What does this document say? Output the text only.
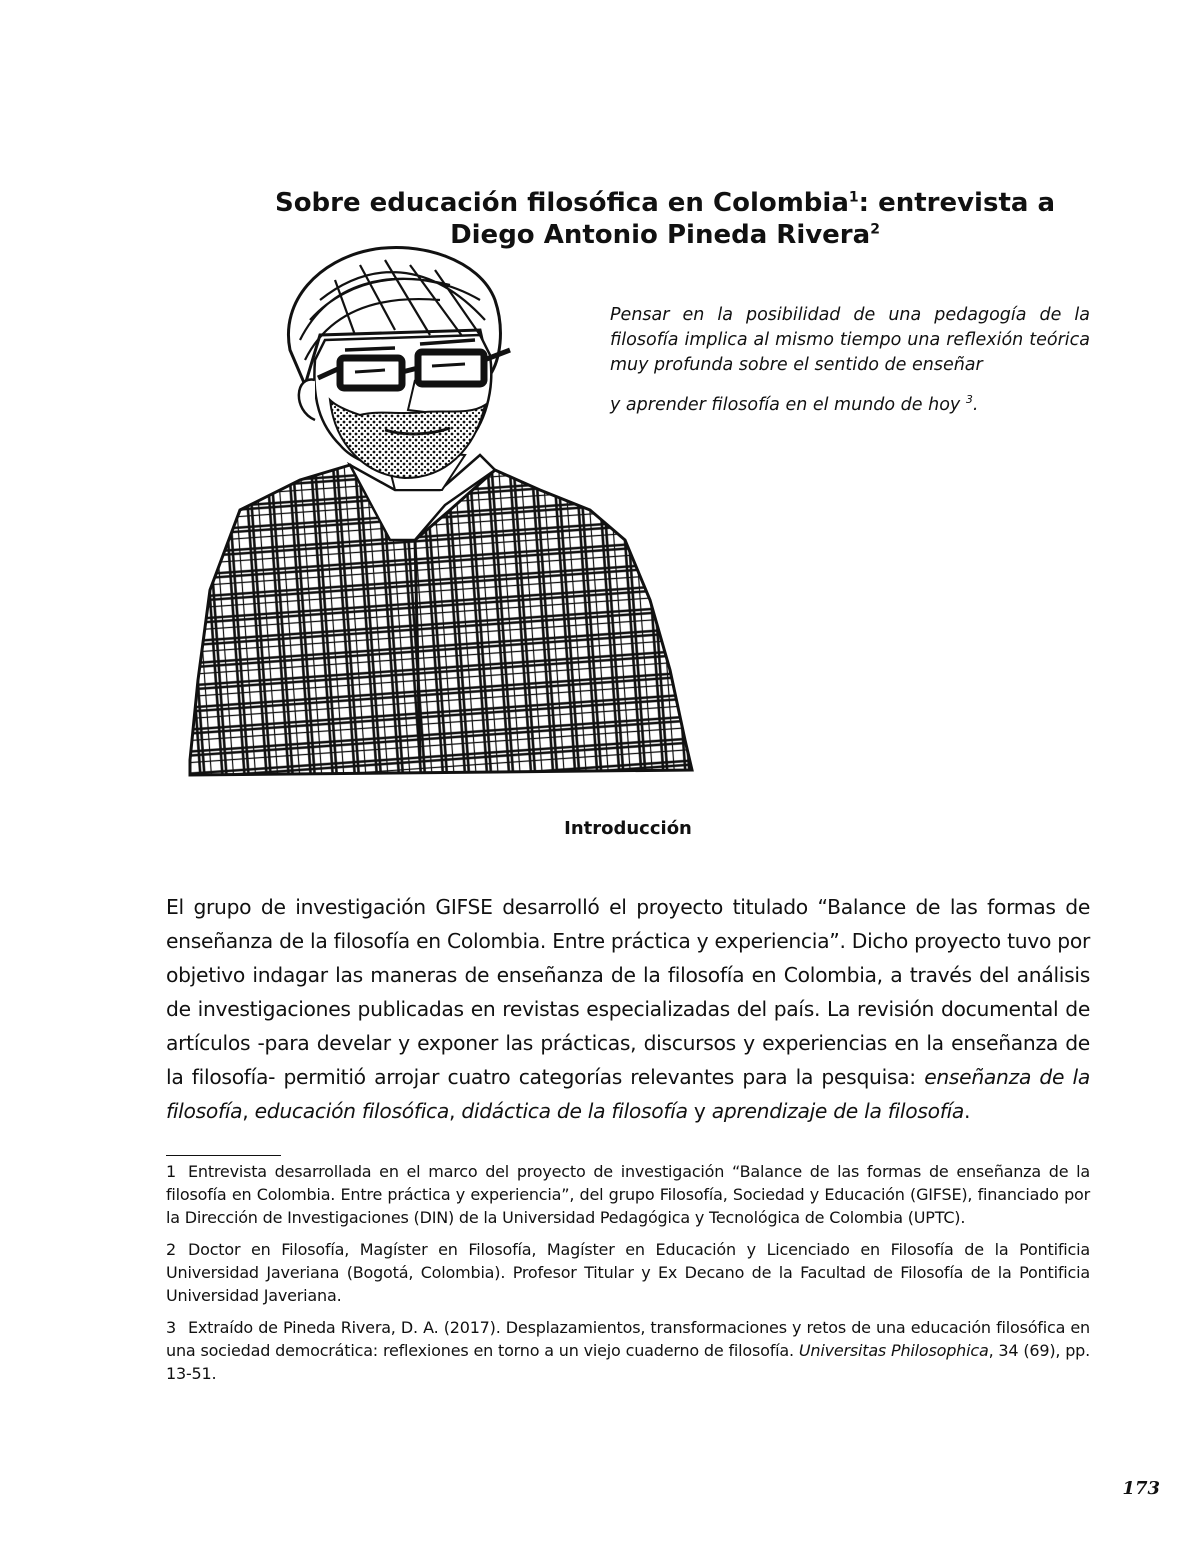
Sobre educación filosófica en Colombia$^1$: entrevista a
Diego Antonio Pineda Rivera$^2$
Pensar en la posibilidad de una pedagogía de la filosofía implica al mismo tiempo una reflexión teórica muy profunda sobre el sentido de enseñar
y aprender filosofía en el mundo de hoy $^3$.
Introducción

El grupo de investigación GIFSE desarrolló el proyecto titulado “Balance de las formas de enseñanza de la filosofía en Colombia. Entre práctica y experiencia”. Dicho proyecto tuvo por objetivo indagar las maneras de enseñanza de la filosofía en Colombia, a través del análisis de investigaciones publicadas en revistas especializadas del país. La revisión documental de artículos -para develar y exponer las prácticas, discursos y experiencias en la enseñanza de la filosofía- permitió arrojar cuatro categorías relevantes para la pesquisa: enseñanza de la filosofía, educación filosófica, didáctica de la filosofía y aprendizaje de la filosofía.

1 Entrevista desarrollada en el marco del proyecto de investigación “Balance de las formas de enseñanza de la filosofía en Colombia. Entre práctica y experiencia”, del grupo Filosofía, Sociedad y Educación (GIFSE), financiado por la Dirección de Investigaciones (DIN) de la Universidad Pedagógica y Tecnológica de Colombia (UPTC).

2 Doctor en Filosofía, Magíster en Filosofía, Magíster en Educación y Licenciado en Filosofía de la Pontificia Universidad Javeriana (Bogotá, Colombia). Profesor Titular y Ex Decano de la Facultad de Filosofía de la Pontificia Universidad Javeriana.

3 Extraído de Pineda Rivera, D. A. (2017). Desplazamientos, transformaciones y retos de una educación filosófica en una sociedad democrática: reflexiones en torno a un viejo cuaderno de filosofía. Universitas Philosophica, 34 (69), pp. 13-51.

173
